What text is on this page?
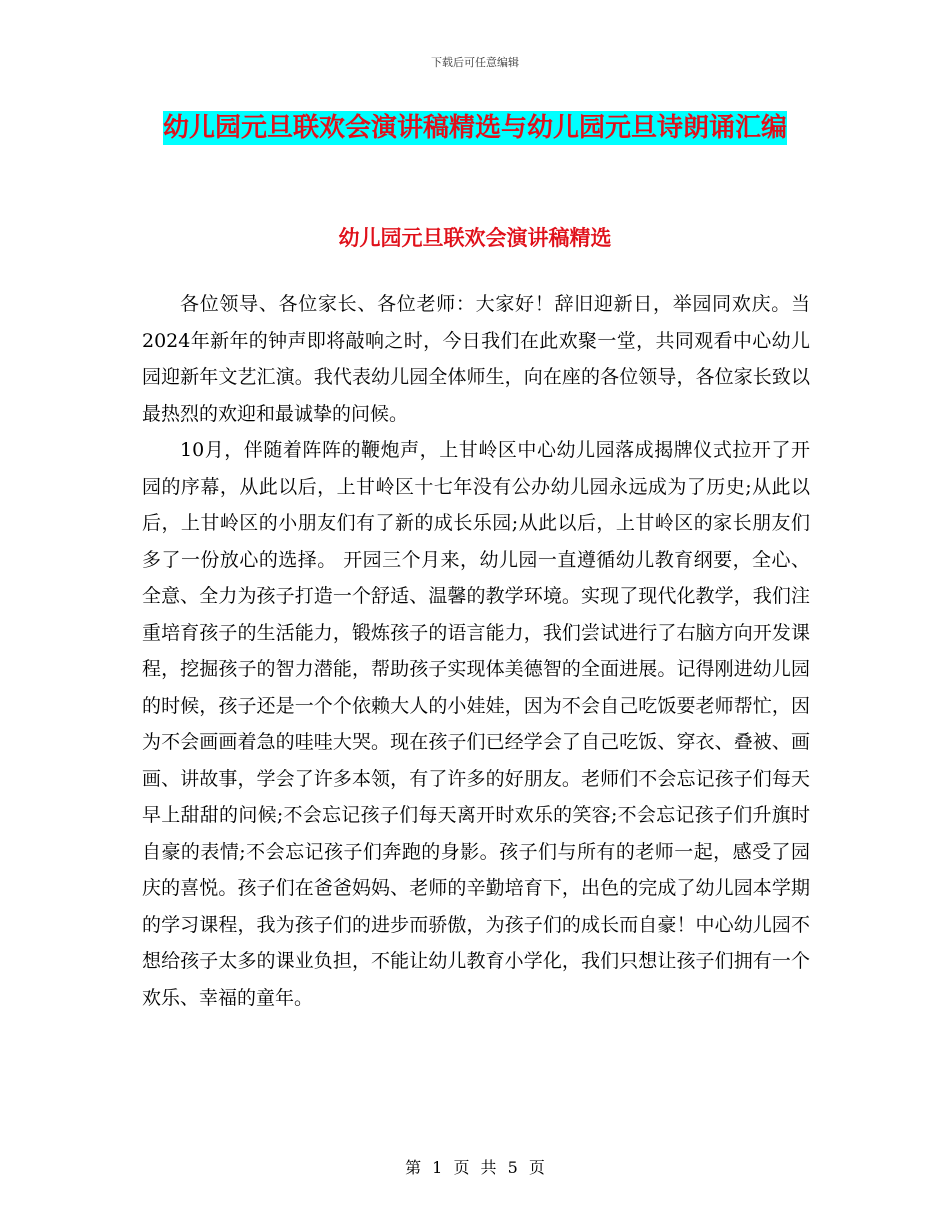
下载后可任意编辑
幼儿园元旦联欢会演讲稿精选与幼儿园元旦诗朗诵汇编
幼儿园元旦联欢会演讲稿精选

各位领导、各位家长、各位老师：大家好！辞旧迎新日，举园同欢庆。当2024年新年的钟声即将敲响之时，今日我们在此欢聚一堂，共同观看中心幼儿园迎新年文艺汇演。我代表幼儿园全体师生，向在座的各位领导，各位家长致以最热烈的欢迎和最诚挚的问候。

10月，伴随着阵阵的鞭炮声，上甘岭区中心幼儿园落成揭牌仪式拉开了开园的序幕，从此以后，上甘岭区十七年没有公办幼儿园永远成为了历史;从此以后，上甘岭区的小朋友们有了新的成长乐园;从此以后，上甘岭区的家长朋友们多了一份放心的选择。 开园三个月来，幼儿园一直遵循幼儿教育纲要，全心、全意、全力为孩子打造一个舒适、温馨的教学环境。实现了现代化教学，我们注重培育孩子的生活能力，锻炼孩子的语言能力，我们尝试进行了右脑方向开发课程，挖掘孩子的智力潜能，帮助孩子实现体美德智的全面进展。记得刚进幼儿园的时候，孩子还是一个个依赖大人的小娃娃，因为不会自己吃饭要老师帮忙，因为不会画画着急的哇哇大哭。现在孩子们已经学会了自己吃饭、穿衣、叠被、画画、讲故事，学会了许多本领，有了许多的好朋友。老师们不会忘记孩子们每天早上甜甜的问候;不会忘记孩子们每天离开时欢乐的笑容;不会忘记孩子们升旗时自豪的表情;不会忘记孩子们奔跑的身影。孩子们与所有的老师一起，感受了园庆的喜悦。孩子们在爸爸妈妈、老师的辛勤培育下，出色的完成了幼儿园本学期的学习课程，我为孩子们的进步而骄傲，为孩子们的成长而自豪！中心幼儿园不想给孩子太多的课业负担，不能让幼儿教育小学化，我们只想让孩子们拥有一个欢乐、幸福的童年。

第 1 页 共 5 页
